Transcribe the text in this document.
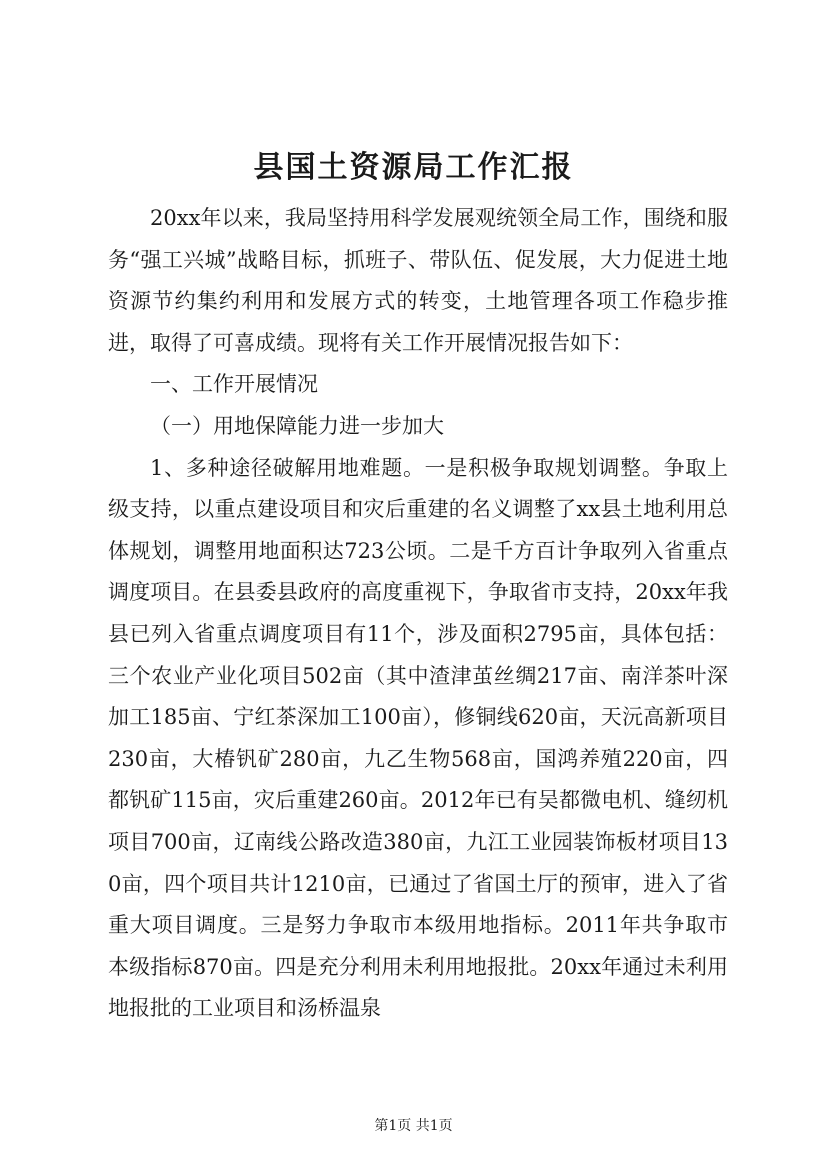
县国土资源局工作汇报

20xx年以来，我局坚持用科学发展观统领全局工作，围绕和服务“强工兴城”战略目标，抓班子、带队伍、促发展，大力促进土地资源节约集约利用和发展方式的转变，土地管理各项工作稳步推进，取得了可喜成绩。现将有关工作开展情况报告如下：

一、工作开展情况

（一）用地保障能力进一步加大

1、多种途径破解用地难题。一是积极争取规划调整。争取上级支持，以重点建设项目和灾后重建的名义调整了xx县土地利用总体规划，调整用地面积达723公顷。二是千方百计争取列入省重点调度项目。在县委县政府的高度重视下，争取省市支持，20xx年我县已列入省重点调度项目有11个，涉及面积2795亩，具体包括：三个农业产业化项目502亩（其中渣津茧丝绸217亩、南洋茶叶深加工185亩、宁红茶深加工100亩），修铜线620亩，天沅高新项目230亩，大椿钒矿280亩，九乙生物568亩，国鸿养殖220亩，四都钒矿115亩，灾后重建260亩。2012年已有吴都微电机、缝纫机项目700亩，辽南线公路改造380亩，九江工业园装饰板材项目130亩，四个项目共计1210亩，已通过了省国土厅的预审，进入了省重大项目调度。三是努力争取市本级用地指标。2011年共争取市本级指标870亩。四是充分利用未利用地报批。20xx年通过未利用地报批的工业项目和汤桥温泉

第1页 共1页
